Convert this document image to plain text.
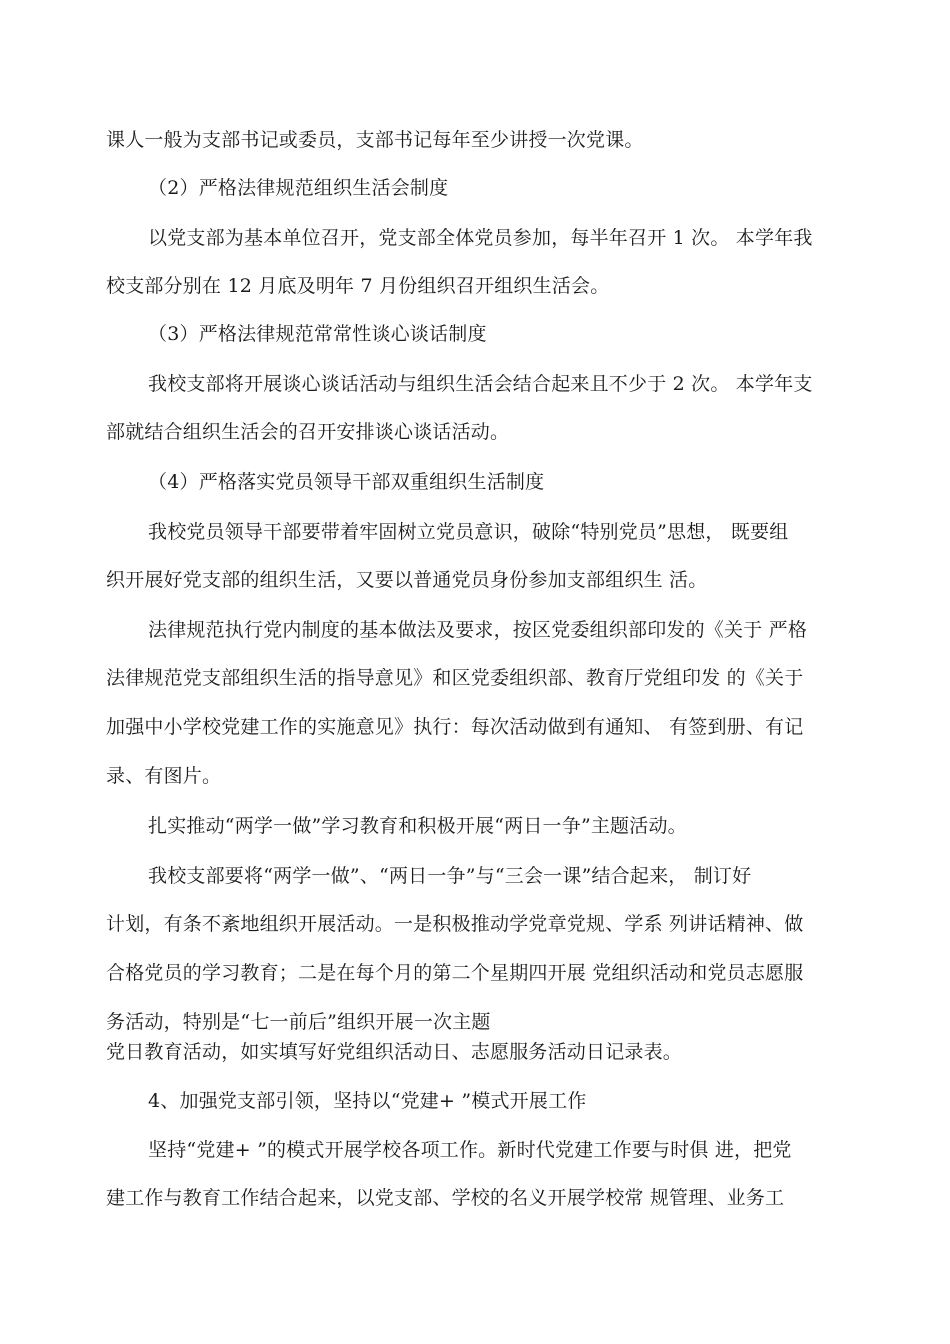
课人一般为支部书记或委员，支部书记每年至少讲授一次党课。
（2）严格法律规范组织生活会制度
以党支部为基本单位召开，党支部全体党员参加，每半年召开 1 次。 本学年我
校支部分别在 12 月底及明年 7 月份组织召开组织生活会。
（3）严格法律规范常常性谈心谈话制度
我校支部将开展谈心谈话活动与组织生活会结合起来且不少于 2 次。 本学年支
部就结合组织生活会的召开安排谈心谈话活动。
（4）严格落实党员领导干部双重组织生活制度
我校党员领导干部要带着牢固树立党员意识，破除“特别党员”思想， 既要组
织开展好党支部的组织生活，又要以普通党员身份参加支部组织生 活。
法律规范执行党内制度的基本做法及要求，按区党委组织部印发的《关于 严格
法律规范党支部组织生活的指导意见》和区党委组织部、教育厅党组印发 的《关于
加强中小学校党建工作的实施意见》执行：每次活动做到有通知、 有签到册、有记
录、有图片。
扎实推动“两学一做”学习教育和积极开展“两日一争”主题活动。
我校支部要将“两学一做”、“两日一争”与“三会一课”结合起来， 制订好
计划，有条不紊地组织开展活动。一是积极推动学党章党规、学系 列讲话精神、做
合格党员的学习教育；二是在每个月的第二个星期四开展 党组织活动和党员志愿服
务活动，特别是“七一前后”组织开展一次主题
党日教育活动，如实填写好党组织活动日、志愿服务活动日记录表。
4、加强党支部引领，坚持以“党建+ ”模式开展工作
坚持“党建+ ”的模式开展学校各项工作。新时代党建工作要与时俱 进，把党
建工作与教育工作结合起来，以党支部、学校的名义开展学校常 规管理、业务工
